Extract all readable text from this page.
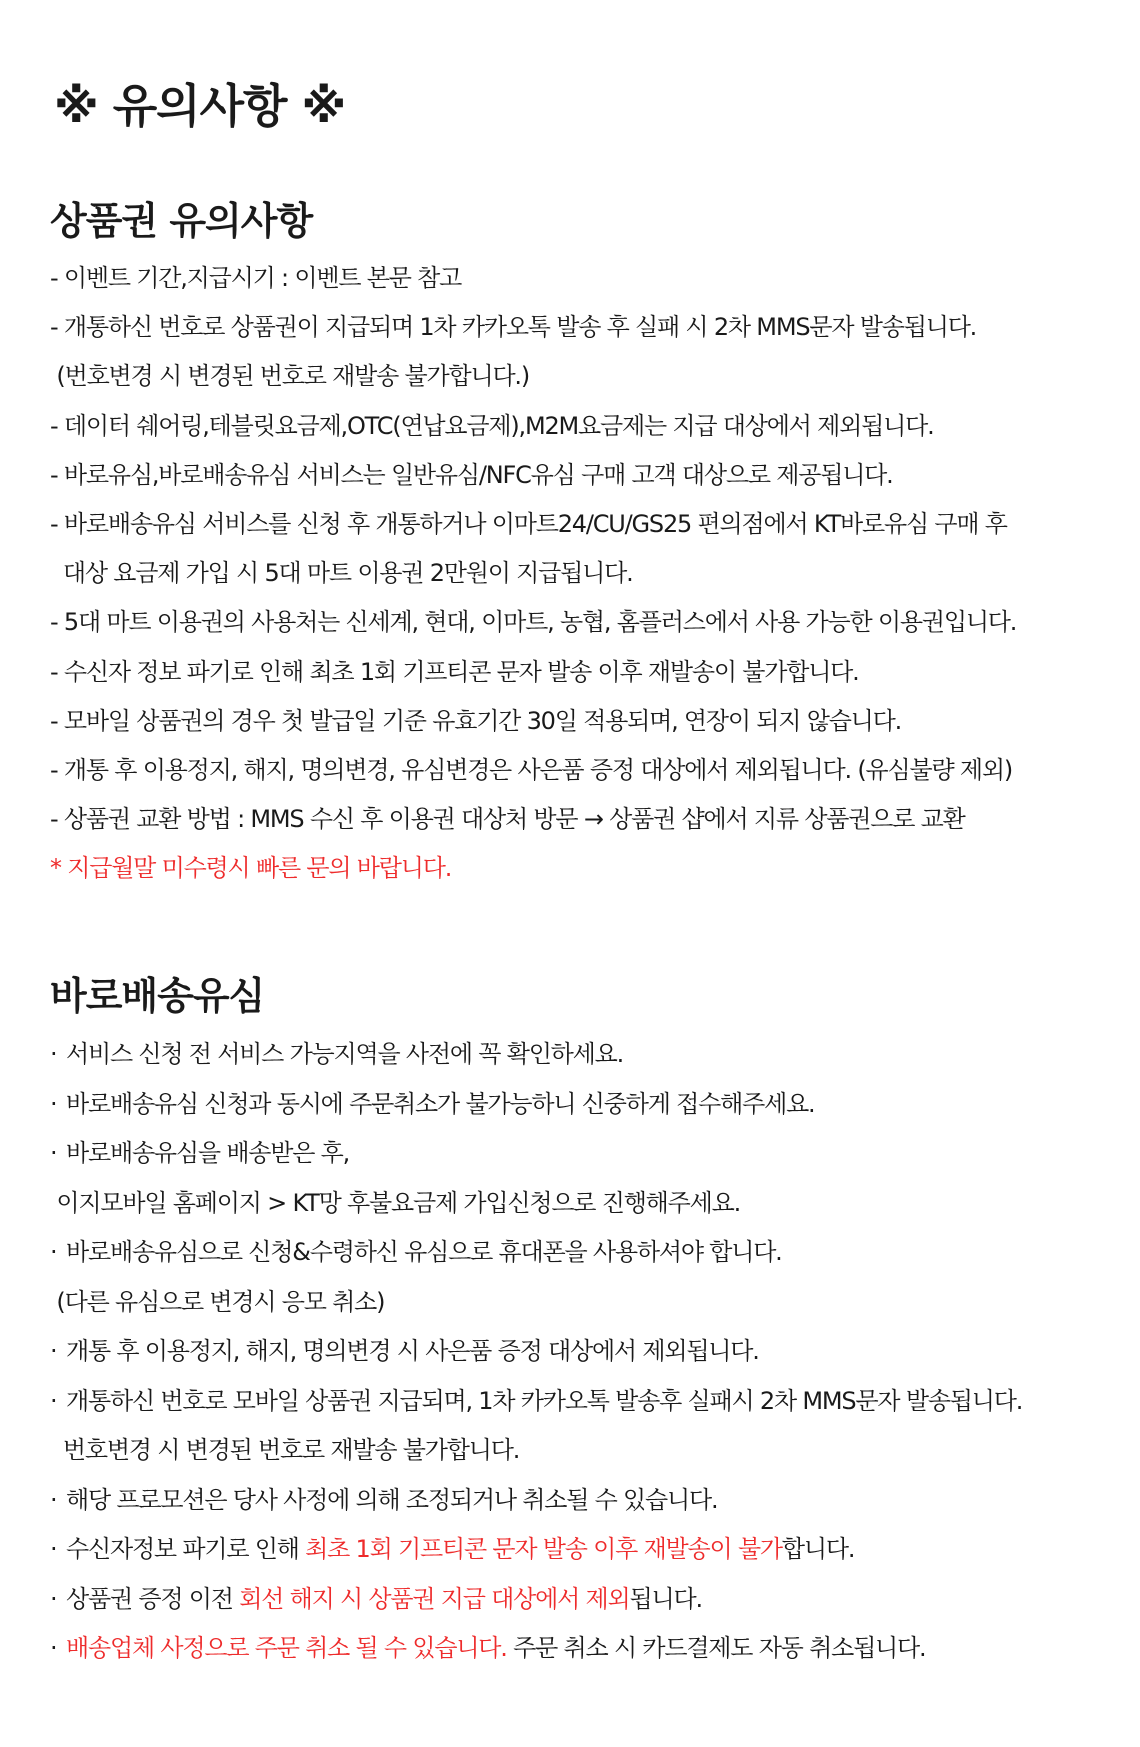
※ 유의사항 ※
상품권 유의사항
- 이벤트 기간,지급시기 : 이벤트 본문 참고
- 개통하신 번호로 상품권이 지급되며 1차 카카오톡 발송 후 실패 시 2차 MMS문자 발송됩니다.
(번호변경 시 변경된 번호로 재발송 불가합니다.)
- 데이터 쉐어링,테블릿요금제,OTC(연납요금제),M2M요금제는 지급 대상에서 제외됩니다.
- 바로유심,바로배송유심 서비스는 일반유심/NFC유심 구매 고객 대상으로 제공됩니다.
- 바로배송유심 서비스를 신청 후 개통하거나 이마트24/CU/GS25 편의점에서 KT바로유심 구매 후
대상 요금제 가입 시 5대 마트 이용권 2만원이 지급됩니다.
- 5대 마트 이용권의 사용처는 신세계, 현대, 이마트, 농협, 홈플러스에서 사용 가능한 이용권입니다.
- 수신자 정보 파기로 인해 최초 1회 기프티콘 문자 발송 이후 재발송이 불가합니다.
- 모바일 상품권의 경우 첫 발급일 기준 유효기간 30일 적용되며, 연장이 되지 않습니다.
- 개통 후 이용정지, 해지, 명의변경, 유심변경은 사은품 증정 대상에서 제외됩니다. (유심불량 제외)
- 상품권 교환 방법 : MMS 수신 후 이용권 대상처 방문 → 상품권 샵에서 지류 상품권으로 교환
* 지급월말 미수령시 빠른 문의 바랍니다.
바로배송유심
· 서비스 신청 전 서비스 가능지역을 사전에 꼭 확인하세요.
· 바로배송유심 신청과 동시에 주문취소가 불가능하니 신중하게 접수해주세요.
· 바로배송유심을 배송받은 후,
이지모바일 홈페이지 > KT망 후불요금제 가입신청으로 진행해주세요.
· 바로배송유심으로 신청&수령하신 유심으로 휴대폰을 사용하셔야 합니다.
(다른 유심으로 변경시 응모 취소)
· 개통 후 이용정지, 해지, 명의변경 시 사은품 증정 대상에서 제외됩니다.
· 개통하신 번호로 모바일 상품권 지급되며, 1차 카카오톡 발송후 실패시 2차 MMS문자 발송됩니다.
번호변경 시 변경된 번호로 재발송 불가합니다.
· 해당 프로모션은 당사 사정에 의해 조정되거나 취소될 수 있습니다.
· 수신자정보 파기로 인해 최초 1회 기프티콘 문자 발송 이후 재발송이 불가합니다.
· 상품권 증정 이전 회선 해지 시 상품권 지급 대상에서 제외됩니다.
· 배송업체 사정으로 주문 취소 될 수 있습니다. 주문 취소 시 카드결제도 자동 취소됩니다.
